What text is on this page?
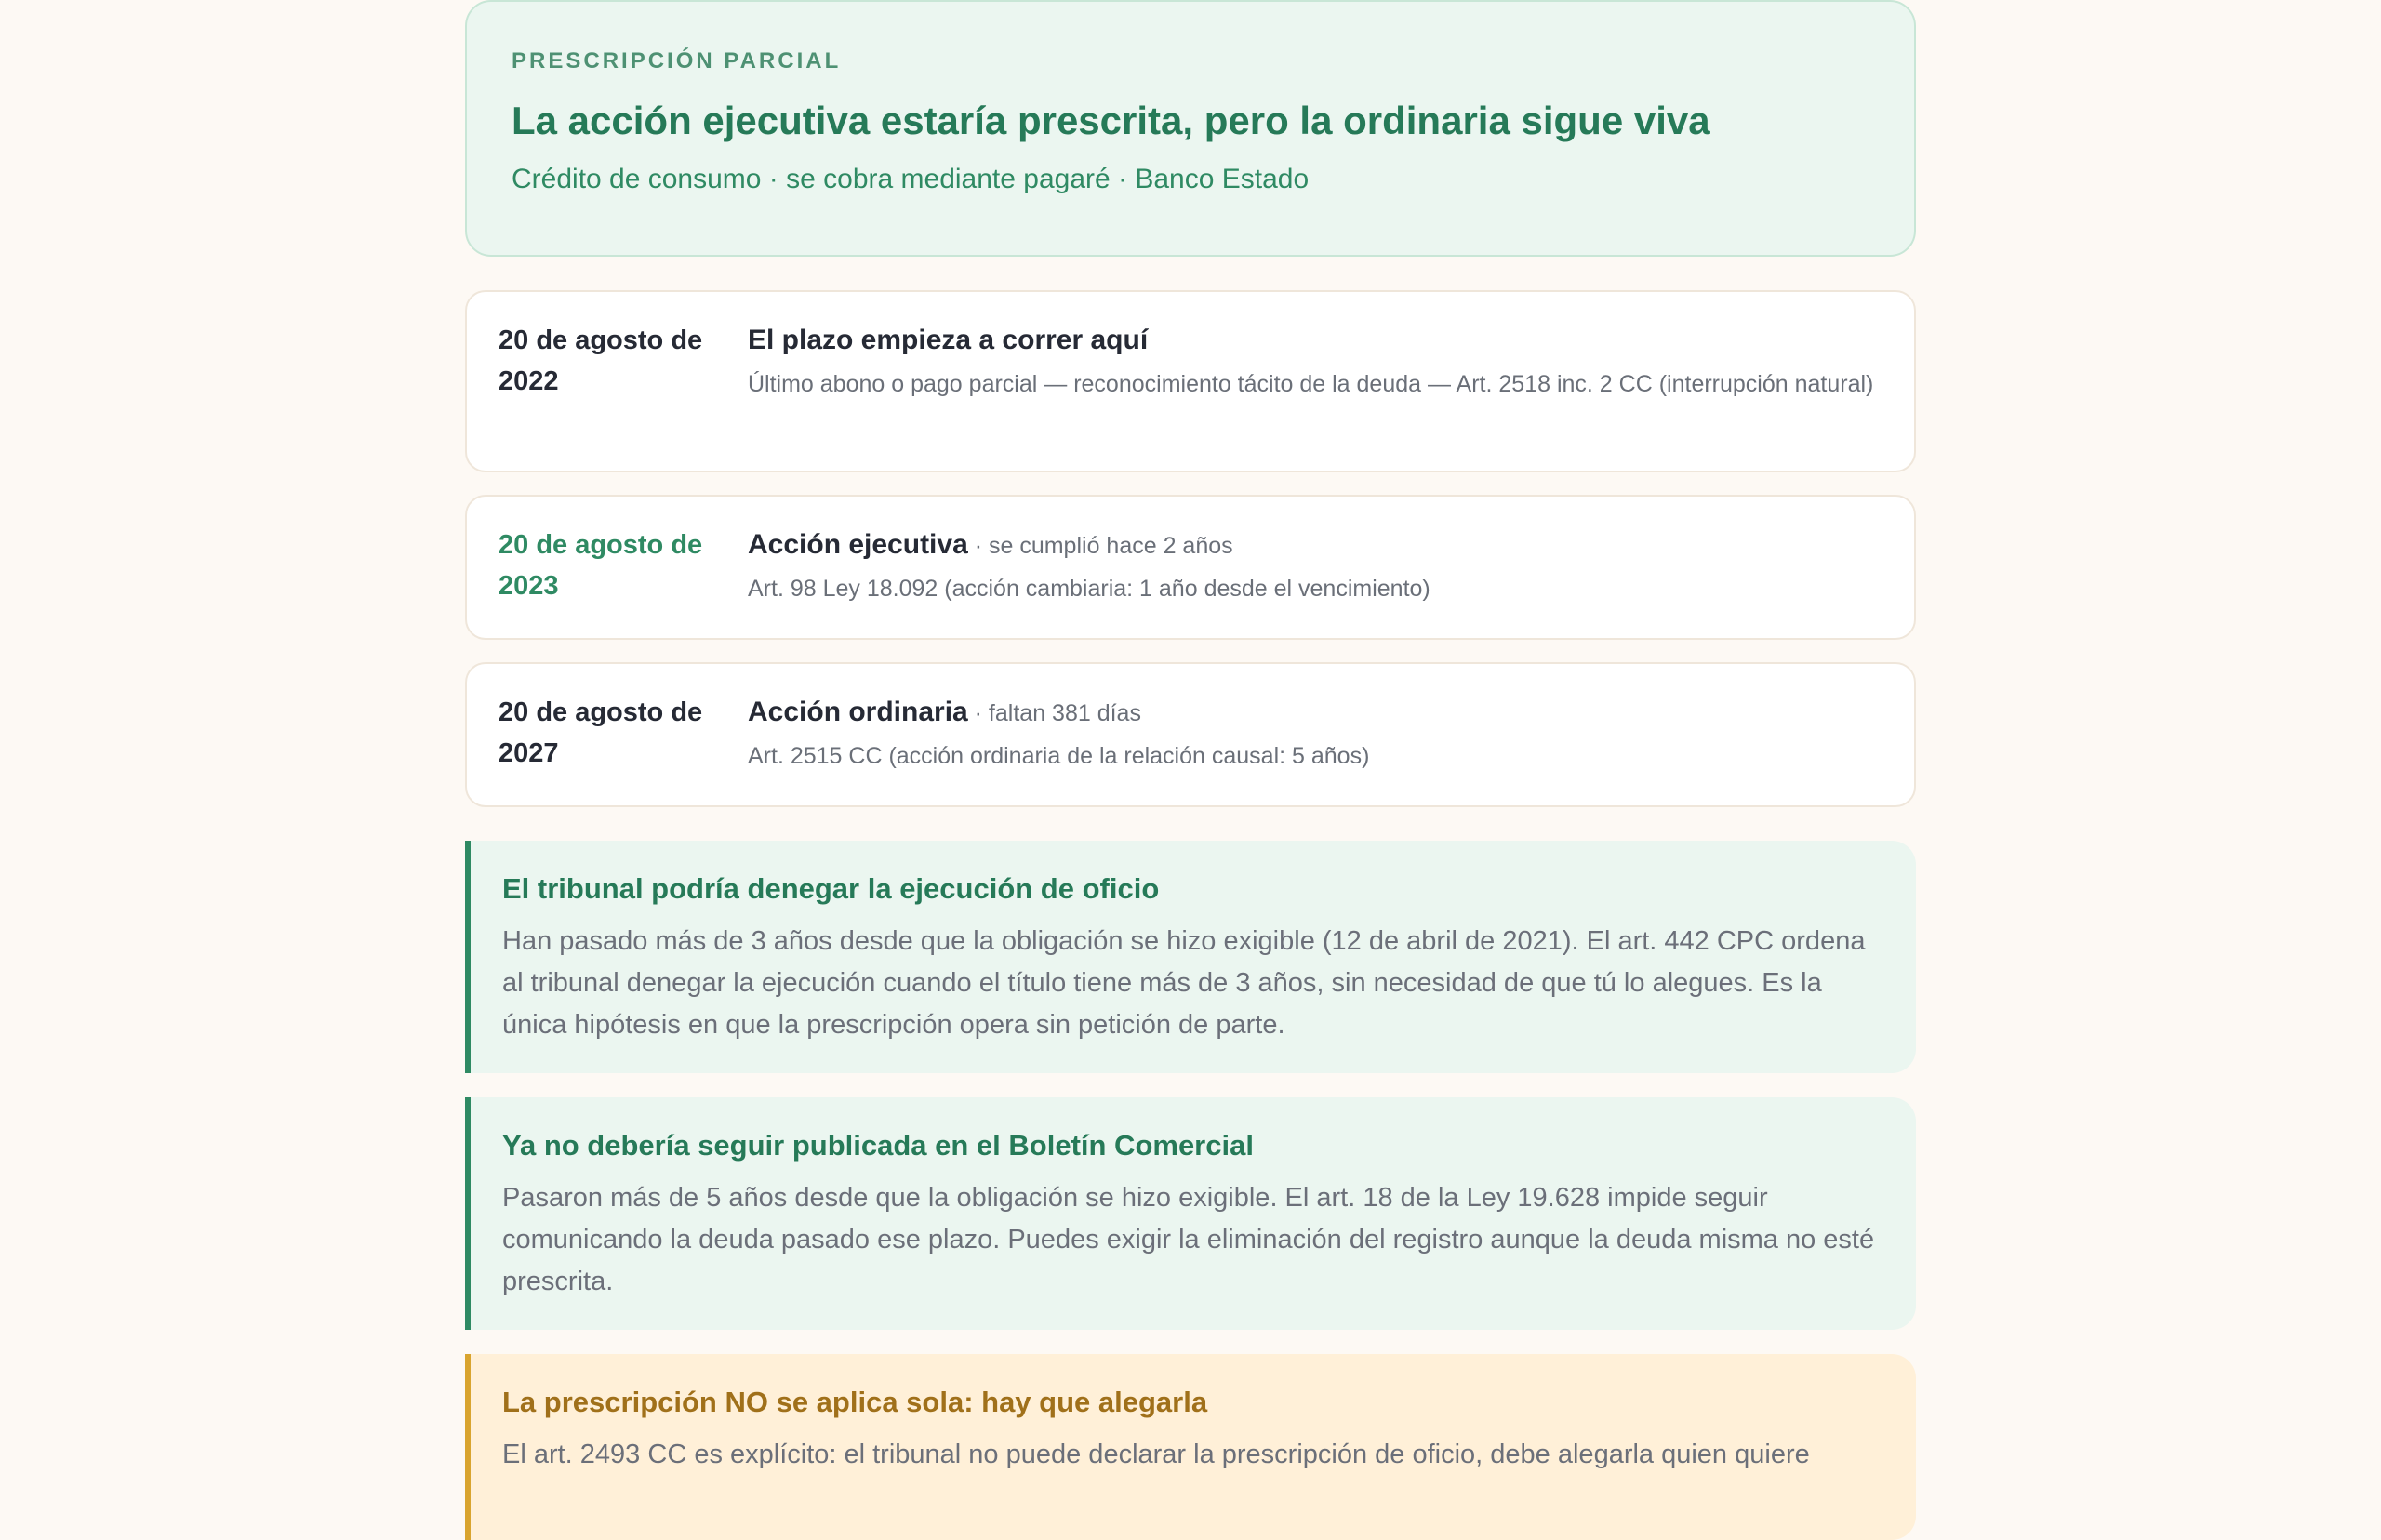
PRESCRIPCIÓN PARCIAL
La acción ejecutiva estaría prescrita, pero la ordinaria sigue viva
Crédito de consumo · se cobra mediante pagaré · Banco Estado
20 de agosto de 2022
El plazo empieza a correr aquí
Último abono o pago parcial — reconocimiento tácito de la deuda — Art. 2518 inc. 2 CC (interrupción natural)
20 de agosto de 2023
Acción ejecutiva · se cumplió hace 2 años
Art. 98 Ley 18.092 (acción cambiaria: 1 año desde el vencimiento)
20 de agosto de 2027
Acción ordinaria · faltan 381 días
Art. 2515 CC (acción ordinaria de la relación causal: 5 años)
El tribunal podría denegar la ejecución de oficio
Han pasado más de 3 años desde que la obligación se hizo exigible (12 de abril de 2021). El art. 442 CPC ordena al tribunal denegar la ejecución cuando el título tiene más de 3 años, sin necesidad de que tú lo alegues. Es la única hipótesis en que la prescripción opera sin petición de parte.
Ya no debería seguir publicada en el Boletín Comercial
Pasaron más de 5 años desde que la obligación se hizo exigible. El art. 18 de la Ley 19.628 impide seguir comunicando la deuda pasado ese plazo. Puedes exigir la eliminación del registro aunque la deuda misma no esté prescrita.
La prescripción NO se aplica sola: hay que alegarla
El art. 2493 CC es explícito: el tribunal no puede declarar la prescripción de oficio, debe alegarla quien quiere
